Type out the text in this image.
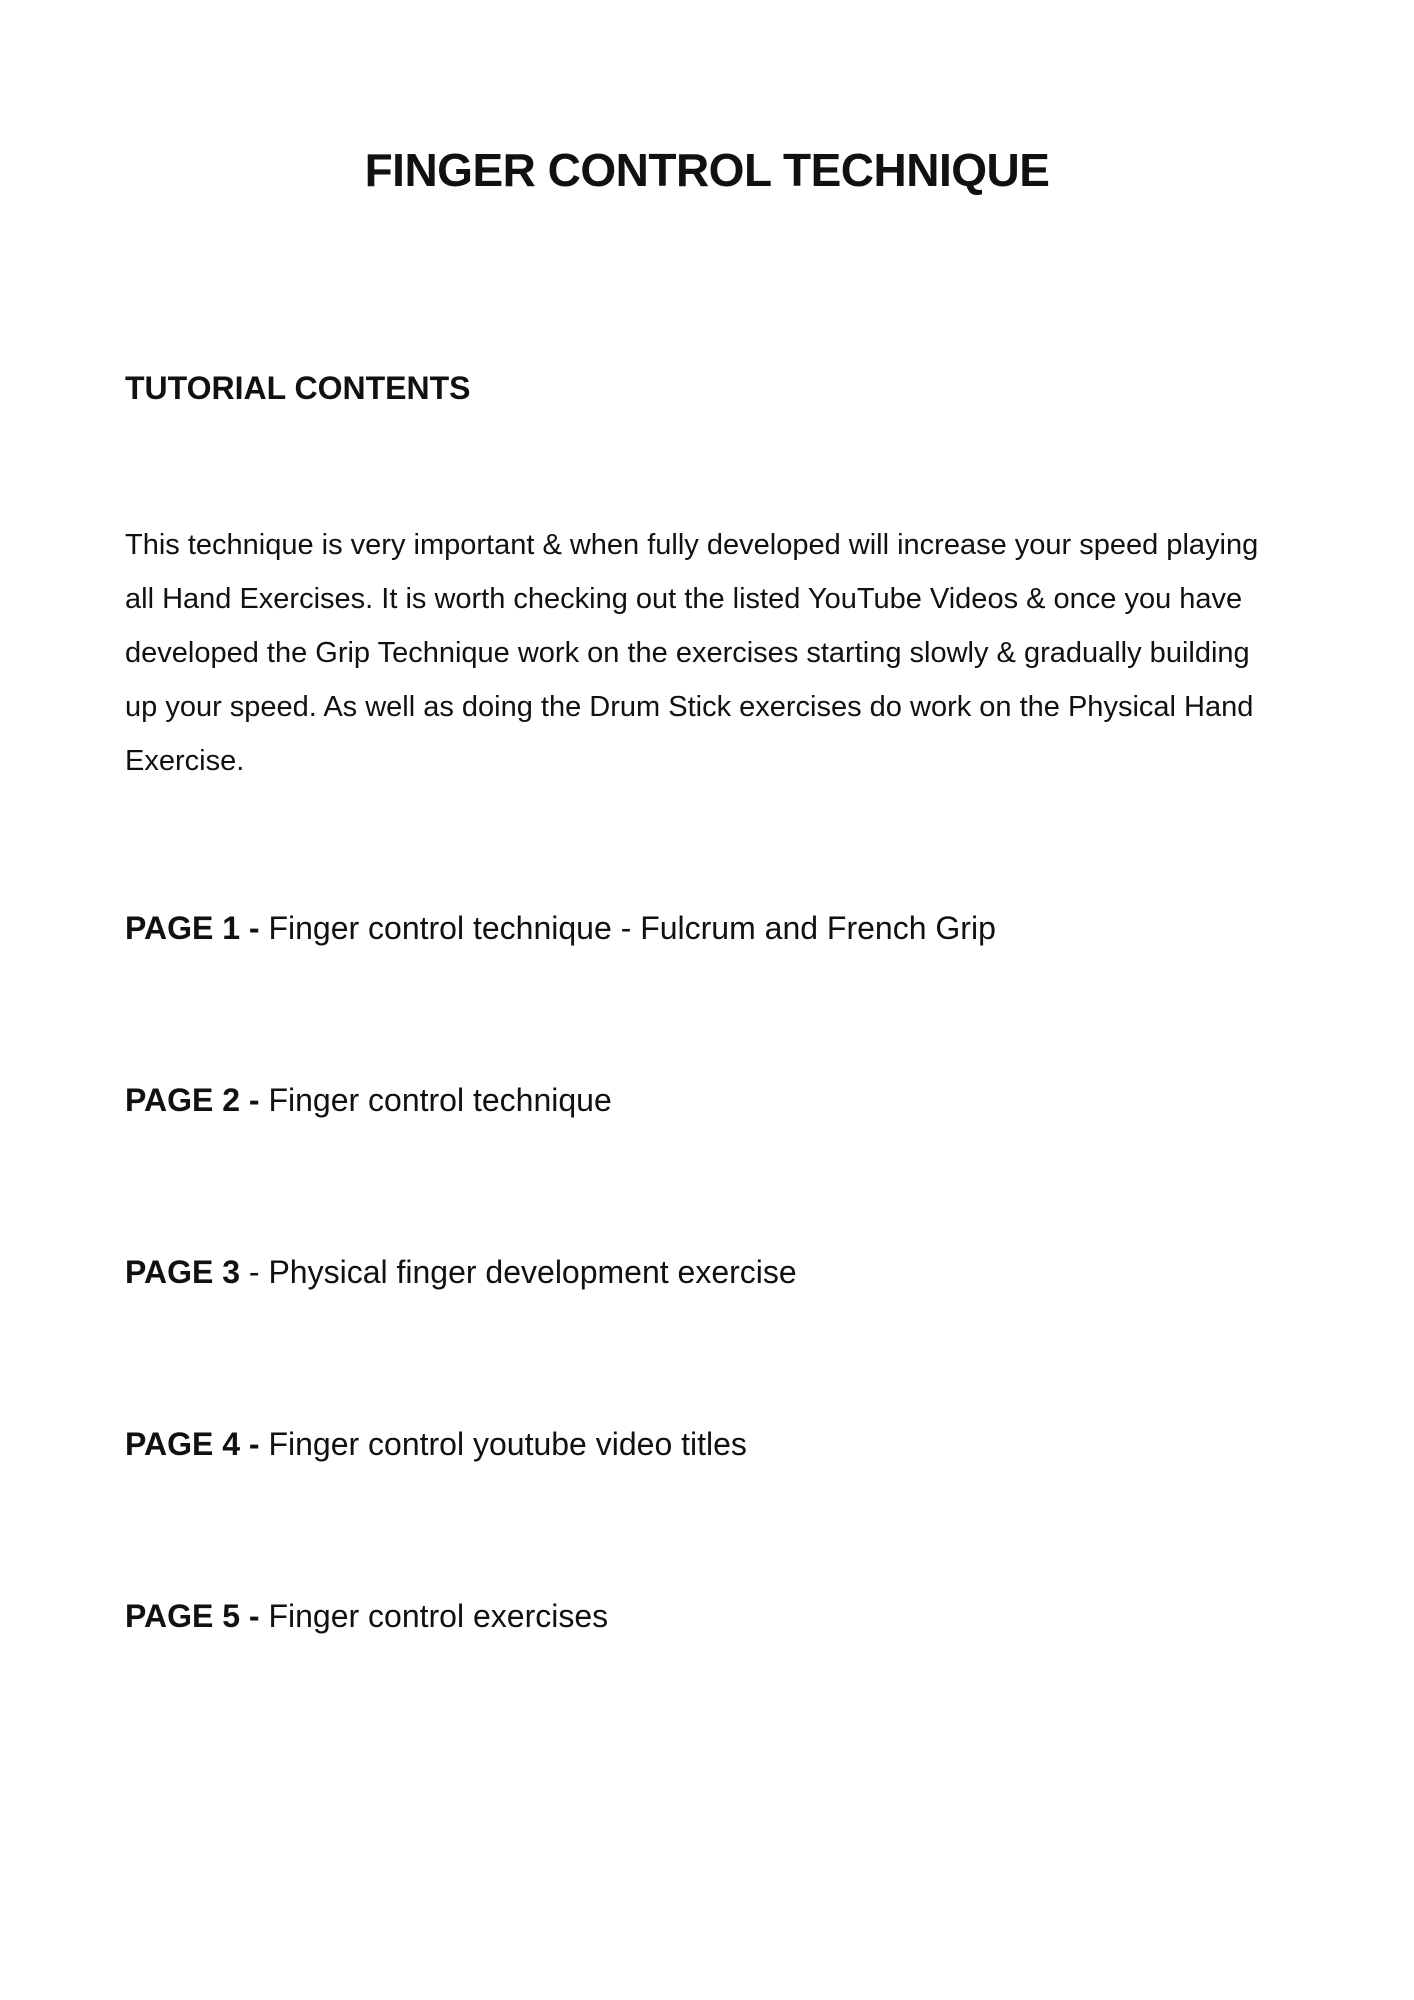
FINGER CONTROL TECHNIQUE
TUTORIAL CONTENTS

This technique is very important & when fully developed will increase your speed playing all Hand Exercises. It is worth checking out the listed YouTube Videos & once you have developed the Grip Technique work on the exercises starting slowly & gradually building up your speed. As well as doing the Drum Stick exercises do work on the Physical Hand Exercise.

PAGE 1 - Finger control technique - Fulcrum and French Grip

PAGE 2 - Finger control technique

PAGE 3 - Physical finger development exercise

PAGE 4 - Finger control youtube video titles

PAGE 5 - Finger control exercises
